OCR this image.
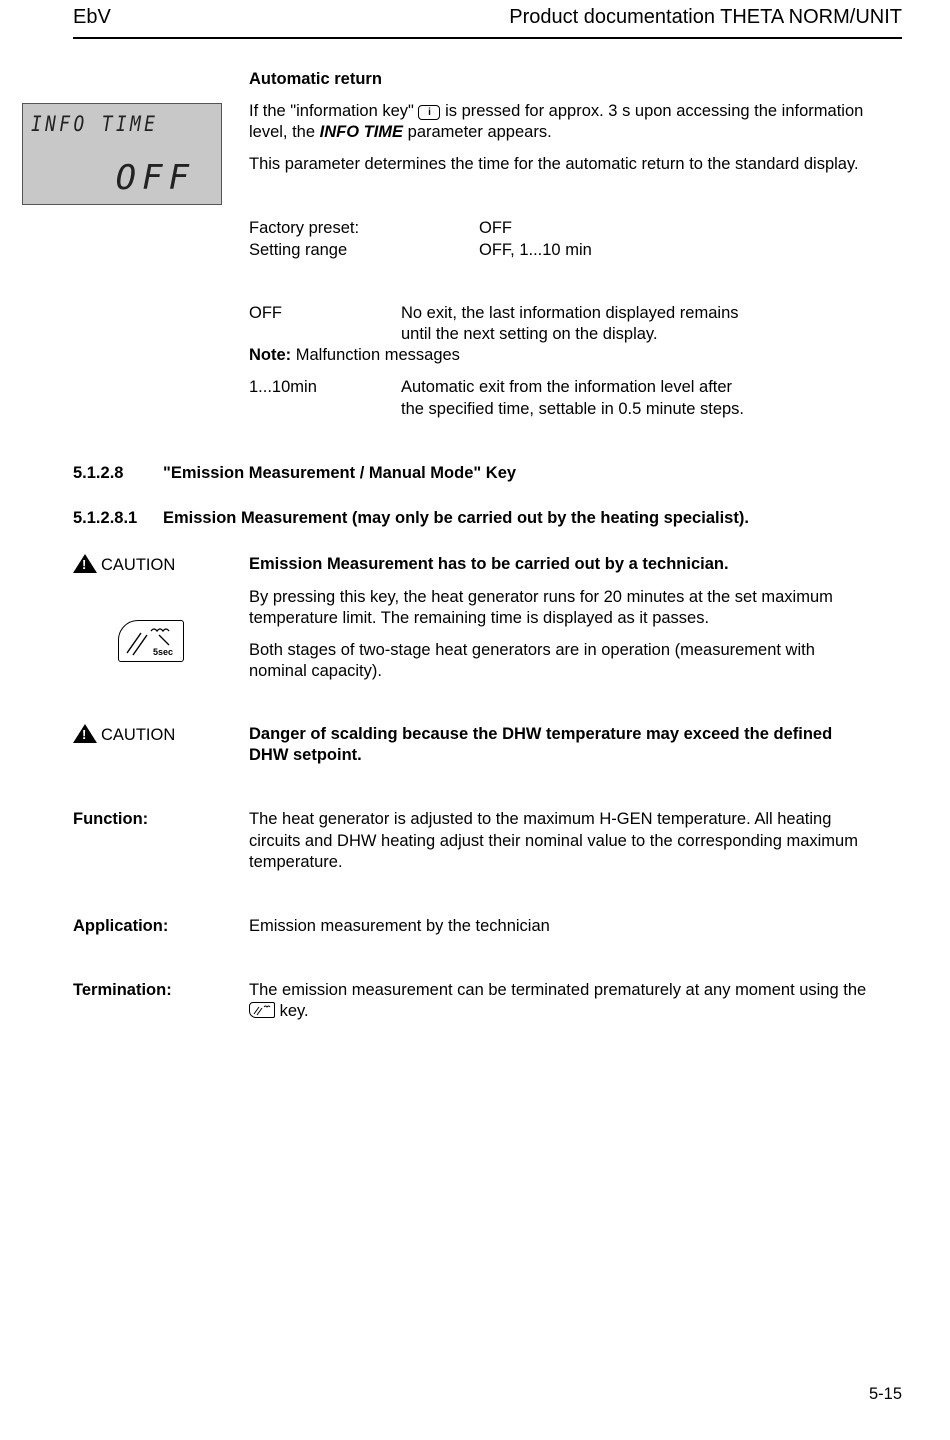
EbV	Product documentation THETA NORM/UNIT
INFO TIME
OFF
Automatic return
If the "information key" i is pressed for approx. 3 s upon accessing the information
level, the INFO TIME parameter appears.
This parameter determines the time for the automatic return to the standard display.
Factory preset:	OFF
Setting range	OFF, 1...10 min
OFF	No exit, the last information displayed remains
until the next setting on the display.
Note: Malfunction messages
1...10min	Automatic exit from the information level after
the specified time, settable in 0.5 minute steps.
5.1.2.8 "Emission Measurement / Manual Mode" Key
5.1.2.8.1 Emission Measurement (may only be carried out by the heating specialist).
! CAUTION	Emission Measurement has to be carried out by a technician.
By pressing this key, the heat generator runs for 20 minutes at the set maximum
temperature limit. The remaining time is displayed as it passes.
Both stages of two-stage heat generators are in operation (measurement with
nominal capacity).
5sec
! CAUTION	Danger of scalding because the DHW temperature may exceed the defined
DHW setpoint.
Function:	The heat generator is adjusted to the maximum H-GEN temperature. All heating
circuits and DHW heating adjust their nominal value to the corresponding maximum
temperature.
Application:	Emission measurement by the technician
Termination:	The emission measurement can be terminated prematurely at any moment using the
key.
5-15
